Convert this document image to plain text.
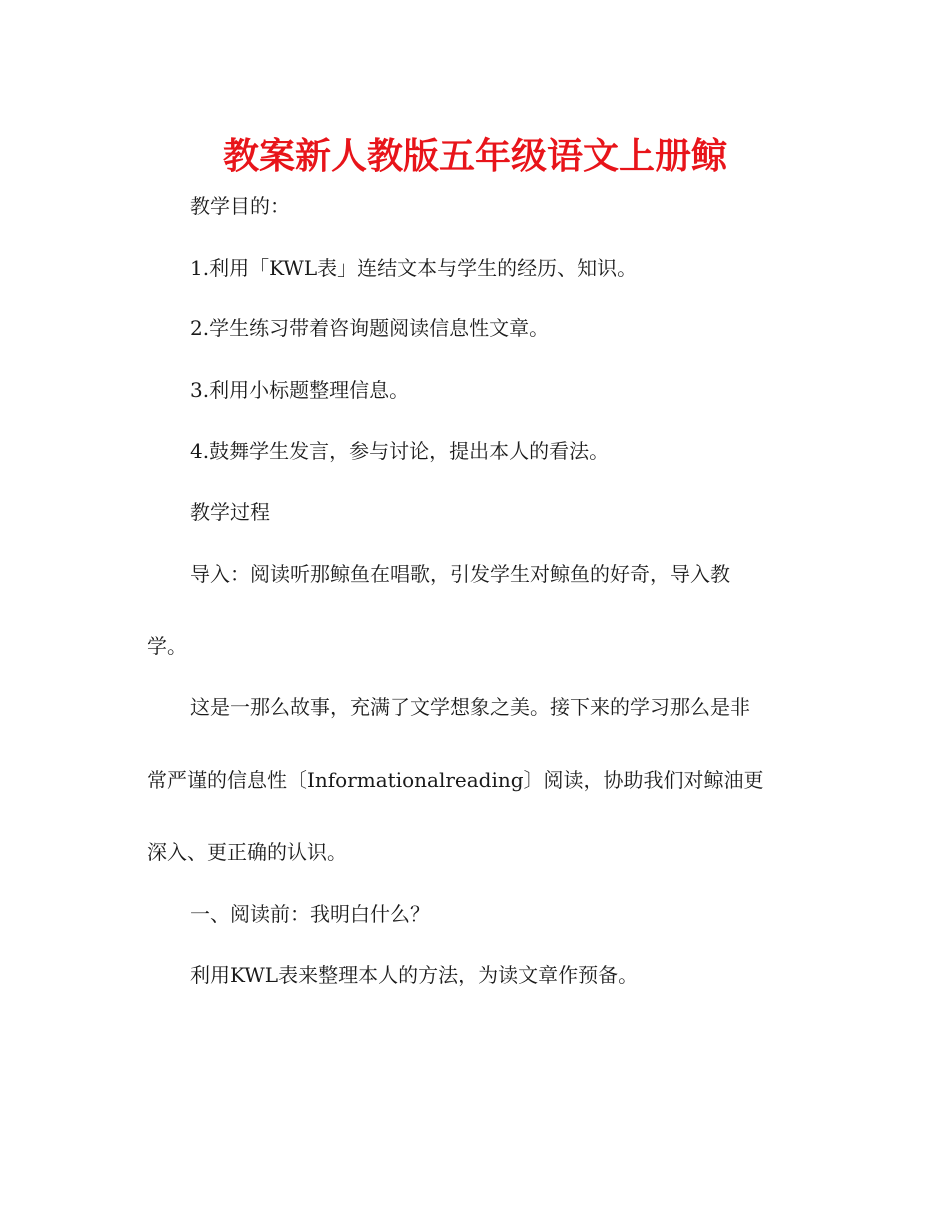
教案新人教版五年级语文上册鲸

教学目的：

1.利用「KWL表」连结文本与学生的经历、知识。

2.学生练习带着咨询题阅读信息性文章。

3.利用小标题整理信息。

4.鼓舞学生发言，参与讨论，提出本人的看法。

教学过程

导入：阅读听那鲸鱼在唱歌，引发学生对鲸鱼的好奇，导入教

学。

这是一那么故事，充满了文学想象之美。接下来的学习那么是非

常严谨的信息性〔Informationalreading〕阅读，协助我们对鲸油更

深入、更正确的认识。

一、阅读前：我明白什么？

利用KWL表来整理本人的方法，为读文章作预备。
